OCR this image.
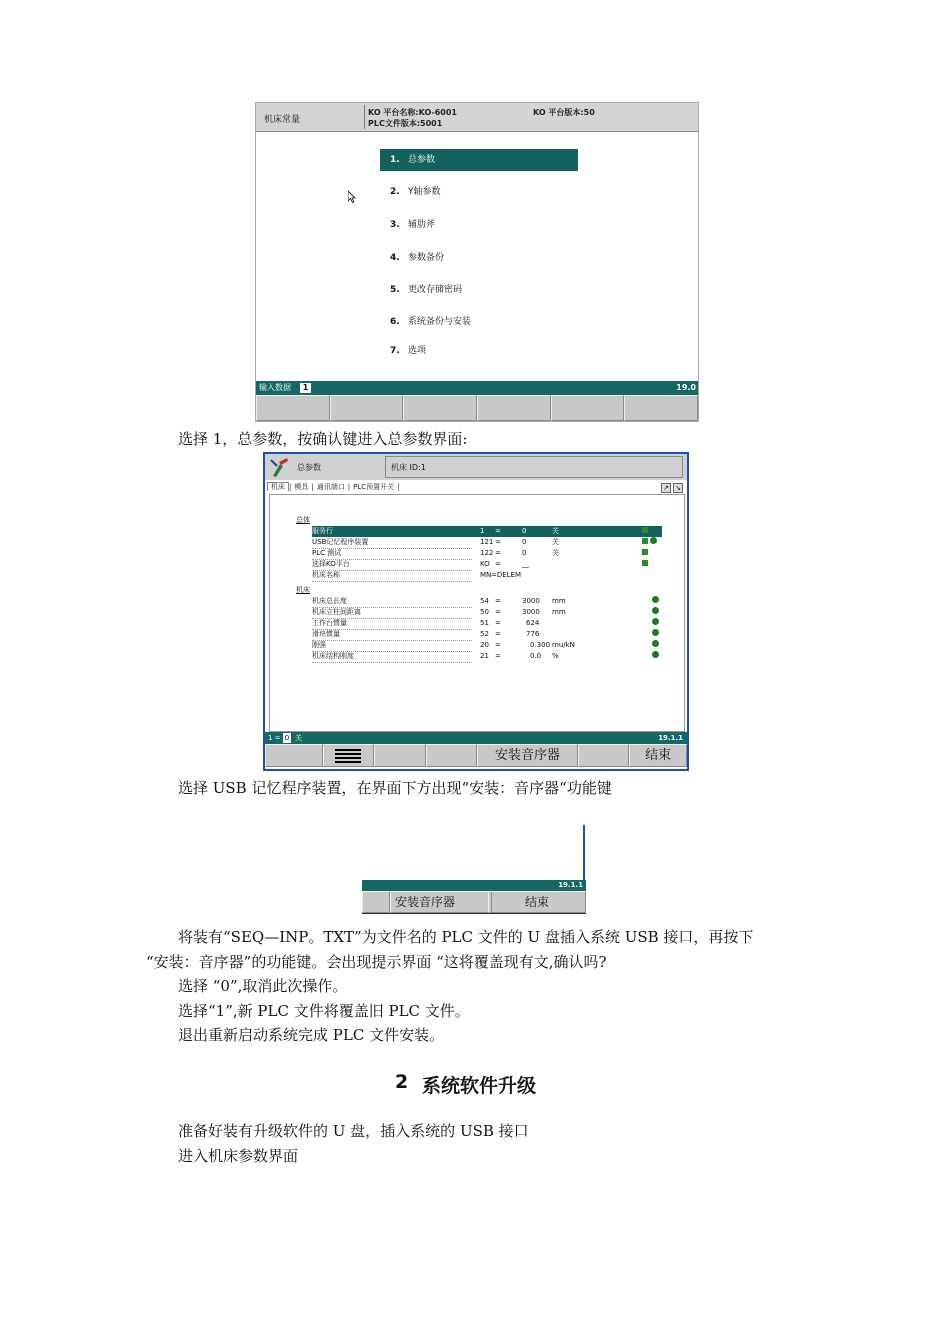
机床常量
KO 平台名称:KO-6001	KO 平台版本:50
PLC文件版本:5001
1. 总参数
2. Y轴参数
3. 辅肋斧
4. 参数备份
5. 更改存储密码
6. 系统备份与安装
7. 选项
输入数据	1	19.0
选择 1，总参数，按确认键进入总参数界面:
总参数	机床 ID:1
机床 | 模具 | 通讯端口 | PLC预置开关 |	↗ ↘
总体
服务行	1 =	0	关
USB记忆程序装置	121 =	0	关

PLC 测试	122 =	0	关
选择KO平台	KO =	__
机床名称	MN =DELEM
机床
机床总长度	54 =	3000 mm
机床立柱间距离	50 =	3000 mm
工作台惯量	51 =	624
滑块惯量	52 =	776
刚强	20 =	0.300 mu/kN
机床结构刚度	21 =	0.0 %
1 = 0 关	19.1.1
安装音序器	结束
选择 USB 记忆程序装置，在界面下方出现“安装：音序器“功能键
19.1.1
安装音序器	结束
将装有“SEQ—INP。TXT”为文件名的 PLC 文件的 U 盘插入系统 USB 接口，再按下
“安装：音序器”的功能键。会出现提示界面 “这将覆盖现有文,确认吗?
选择 “0”,取消此次操作。
选择“1”,新 PLC 文件将覆盖旧 PLC 文件。
退出重新启动系统完成 PLC 文件安装。
2 系统软件升级
准备好装有升级软件的 U 盘，插入系统的 USB 接口
进入机床参数界面
